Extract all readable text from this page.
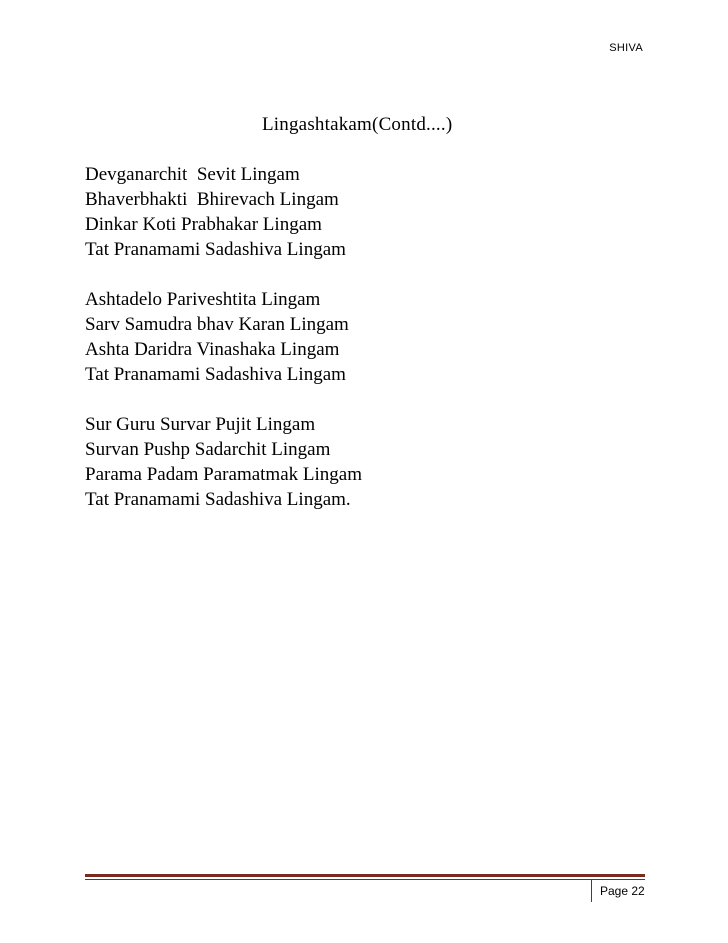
SHIVA
Lingashtakam(Contd....)
Devganarchit  Sevit Lingam
Bhaverbhakti  Bhirevach Lingam
Dinkar Koti Prabhakar Lingam
Tat Pranamami Sadashiva Lingam
Ashtadelo Pariveshtita Lingam
Sarv Samudra bhav Karan Lingam
Ashta Daridra Vinashaka Lingam
Tat Pranamami Sadashiva Lingam
Sur Guru Survar Pujit Lingam
Survan Pushp Sadarchit Lingam
Parama Padam Paramatmak Lingam
Tat Pranamami Sadashiva Lingam.
Page 22
